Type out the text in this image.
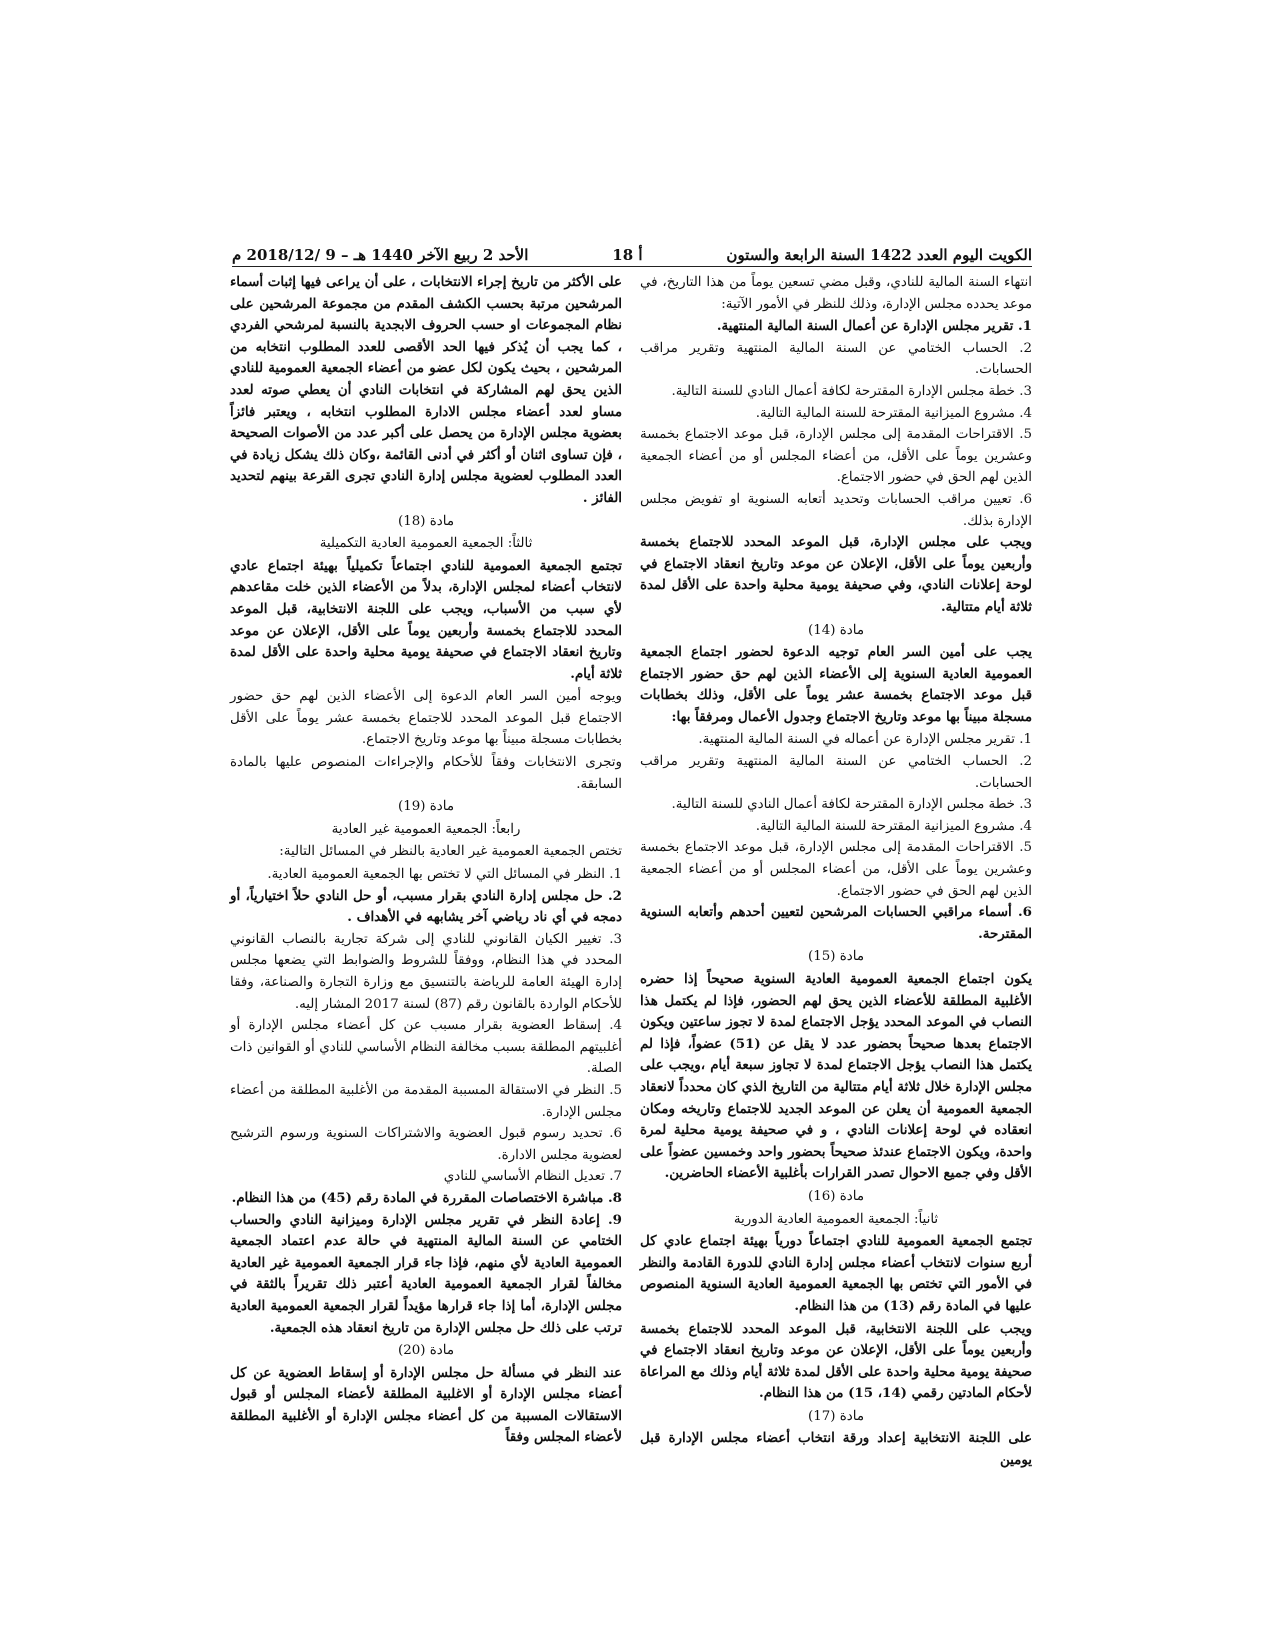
الكويت اليوم العدد 1422 السنة الرابعة والستون
أ 18
الأحد 2 ربيع الآخر 1440 هـ – 9 /2018/12 م

انتهاء السنة المالية للنادي، وقبل مضي تسعين يوماً من هذا التاريخ، في موعد يحدده مجلس الإدارة، وذلك للنظر في الأمور الآتية:

1. تقرير مجلس الإدارة عن أعمال السنة المالية المنتهية.

2. الحساب الختامي عن السنة المالية المنتهية وتقرير مراقب الحسابات.

3. خطة مجلس الإدارة المقترحة لكافة أعمال النادي للسنة التالية.

4. مشروع الميزانية المقترحة للسنة المالية التالية.

5. الاقتراحات المقدمة إلى مجلس الإدارة، قبل موعد الاجتماع بخمسة وعشرين يوماً على الأقل، من أعضاء المجلس أو من أعضاء الجمعية الذين لهم الحق في حضور الاجتماع.

6. تعيين مراقب الحسابات وتحديد أتعابه السنوية او تفويض مجلس الإدارة بذلك.

ويجب على مجلس الإدارة، قبل الموعد المحدد للاجتماع بخمسة وأربعين يوماً على الأقل، الإعلان عن موعد وتاريخ انعقاد الاجتماع في لوحة إعلانات النادي، وفي صحيفة يومية محلية واحدة على الأقل لمدة ثلاثة أيام متتالية.

مادة (14)

يجب على أمين السر العام توجيه الدعوة لحضور اجتماع الجمعية العمومية العادية السنوية إلى الأعضاء الذين لهم حق حضور الاجتماع قبل موعد الاجتماع بخمسة عشر يوماً على الأقل، وذلك بخطابات مسجلة مبيناً بها موعد وتاريخ الاجتماع وجدول الأعمال ومرفقاً بها:

1. تقرير مجلس الإدارة عن أعماله في السنة المالية المنتهية.

2. الحساب الختامي عن السنة المالية المنتهية وتقرير مراقب الحسابات.

3. خطة مجلس الإدارة المقترحة لكافة أعمال النادي للسنة التالية.

4. مشروع الميزانية المقترحة للسنة المالية التالية.

5. الاقتراحات المقدمة إلى مجلس الإدارة، قبل موعد الاجتماع بخمسة وعشرين يوماً على الأقل، من أعضاء المجلس أو من أعضاء الجمعية الذين لهم الحق في حضور الاجتماع.

6. أسماء مراقبي الحسابات المرشحين لتعيين أحدهم وأتعابه السنوية المقترحة.

مادة (15)

يكون اجتماع الجمعية العمومية العادية السنوية صحيحاً إذا حضره الأغلبية المطلقة للأعضاء الذين يحق لهم الحضور، فإذا لم يكتمل هذا النصاب في الموعد المحدد يؤجل الاجتماع لمدة لا تجوز ساعتين ويكون الاجتماع بعدها صحيحاً بحضور عدد لا يقل عن (51) عضواً، فإذا لم يكتمل هذا النصاب يؤجل الاجتماع لمدة لا تجاوز سبعة أيام ،ويجب على مجلس الإدارة خلال ثلاثة أيام متتالية من التاريخ الذي كان محدداً لانعقاد الجمعية العمومية أن يعلن عن الموعد الجديد للاجتماع وتاريخه ومكان انعقاده في لوحة إعلانات النادي ، و في صحيفة يومية محلية لمرة واحدة، ويكون الاجتماع عندئذ صحيحاً بحضور واحد وخمسين عضواً على الأقل وفي جميع الاحوال تصدر القرارات بأغلبية الأعضاء الحاضرين.

مادة (16)

ثانياً: الجمعية العمومية العادية الدورية

تجتمع الجمعية العمومية للنادي اجتماعاً دورياً بهيئة اجتماع عادي كل أربع سنوات لانتخاب أعضاء مجلس إدارة النادي للدورة القادمة والنظر في الأمور التي تختص بها الجمعية العمومية العادية السنوية المنصوص عليها في المادة رقم (13) من هذا النظام.

ويجب على اللجنة الانتخابية، قبل الموعد المحدد للاجتماع بخمسة وأربعين يوماً على الأقل، الإعلان عن موعد وتاريخ انعقاد الاجتماع في صحيفة يومية محلية واحدة على الأقل لمدة ثلاثة أيام وذلك مع المراعاة لأحكام المادتين رقمي (14، 15) من هذا النظام.

مادة (17)

على اللجنة الانتخابية إعداد ورقة انتخاب أعضاء مجلس الإدارة قبل يومين

على الأكثر من تاريخ إجراء الانتخابات ، على أن يراعى فيها إثبات أسماء المرشحين مرتبة بحسب الكشف المقدم من مجموعة المرشحين على نظام المجموعات او حسب الحروف الابجدية بالنسبة لمرشحي الفردي ، كما يجب أن يُذكر فيها الحد الأقصى للعدد المطلوب انتخابه من المرشحين ، بحيث يكون لكل عضو من أعضاء الجمعية العمومية للنادي الذين يحق لهم المشاركة في انتخابات النادي أن يعطي صوته لعدد مساو لعدد أعضاء مجلس الادارة المطلوب انتخابه ، ويعتبر فائزاً بعضوية مجلس الإدارة من يحصل على أكبر عدد من الأصوات الصحيحة ، فإن تساوى اثنان أو أكثر في أدنى القائمة ،وكان ذلك يشكل زيادة في العدد المطلوب لعضوية مجلس إدارة النادي تجرى القرعة بينهم لتحديد الفائز .

مادة (18)

ثالثاً: الجمعية العمومية العادية التكميلية

تجتمع الجمعية العمومية للنادي اجتماعاً تكميلياً بهيئة اجتماع عادي لانتخاب أعضاء لمجلس الإدارة، بدلاً من الأعضاء الذين خلت مقاعدهم لأي سبب من الأسباب، ويجب على اللجنة الانتخابية، قبل الموعد المحدد للاجتماع بخمسة وأربعين يوماً على الأقل، الإعلان عن موعد وتاريخ انعقاد الاجتماع في صحيفة يومية محلية واحدة على الأقل لمدة ثلاثة أيام.

ويوجه أمين السر العام الدعوة إلى الأعضاء الذين لهم حق حضور الاجتماع قبل الموعد المحدد للاجتماع بخمسة عشر يوماً على الأقل بخطابات مسجلة مبيناً بها موعد وتاريخ الاجتماع.

وتجرى الانتخابات وفقاً للأحكام والإجراءات المنصوص عليها بالمادة السابقة.

مادة (19)

رابعاً: الجمعية العمومية غير العادية

تختص الجمعية العمومية غير العادية بالنظر في المسائل التالية:

1. النظر في المسائل التي لا تختص بها الجمعية العمومية العادية.

2. حل مجلس إدارة النادي بقرار مسبب، أو حل النادي حلاً اختيارياً، أو دمجه في أي ناد رياضي آخر يشابهه في الأهداف .

3. تغيير الكيان القانوني للنادي إلى شركة تجارية بالنصاب القانوني المحدد في هذا النظام، ووفقاً للشروط والضوابط التي يضعها مجلس إدارة الهيئة العامة للرياضة بالتنسيق مع وزارة التجارة والصناعة، وفقا للأحكام الواردة بالقانون رقم (87) لسنة 2017 المشار إليه.

4. إسقاط العضوية بقرار مسبب عن كل أعضاء مجلس الإدارة أو أغلبيتهم المطلقة بسبب مخالفة النظام الأساسي للنادي أو القوانين ذات الصلة.

5. النظر في الاستقالة المسببة المقدمة من الأغلبية المطلقة من أعضاء مجلس الإدارة.

6. تحديد رسوم قبول العضوية والاشتراكات السنوية ورسوم الترشيح لعضوية مجلس الادارة.

7. تعديل النظام الأساسي للنادي

8. مباشرة الاختصاصات المقررة في المادة رقم (45) من هذا النظام.

9. إعادة النظر في تقرير مجلس الإدارة وميزانية النادي والحساب الختامي عن السنة المالية المنتهية في حالة عدم اعتماد الجمعية العمومية العادية لأي منهم، فإذا جاء قرار الجمعية العمومية غير العادية مخالفاً لقرار الجمعية العمومية العادية أعتبر ذلك تقريراً بالثقة في مجلس الإدارة، أما إذا جاء قرارها مؤيداً لقرار الجمعية العمومية العادية ترتب على ذلك حل مجلس الإدارة من تاريخ انعقاد هذه الجمعية.

مادة (20)

عند النظر في مسألة حل مجلس الإدارة أو إسقاط العضوية عن كل أعضاء مجلس الإدارة أو الاغلبية المطلقة لأعضاء المجلس أو قبول الاستقالات المسببة من كل أعضاء مجلس الإدارة أو الأغلبية المطلقة لأعضاء المجلس وفقاً
